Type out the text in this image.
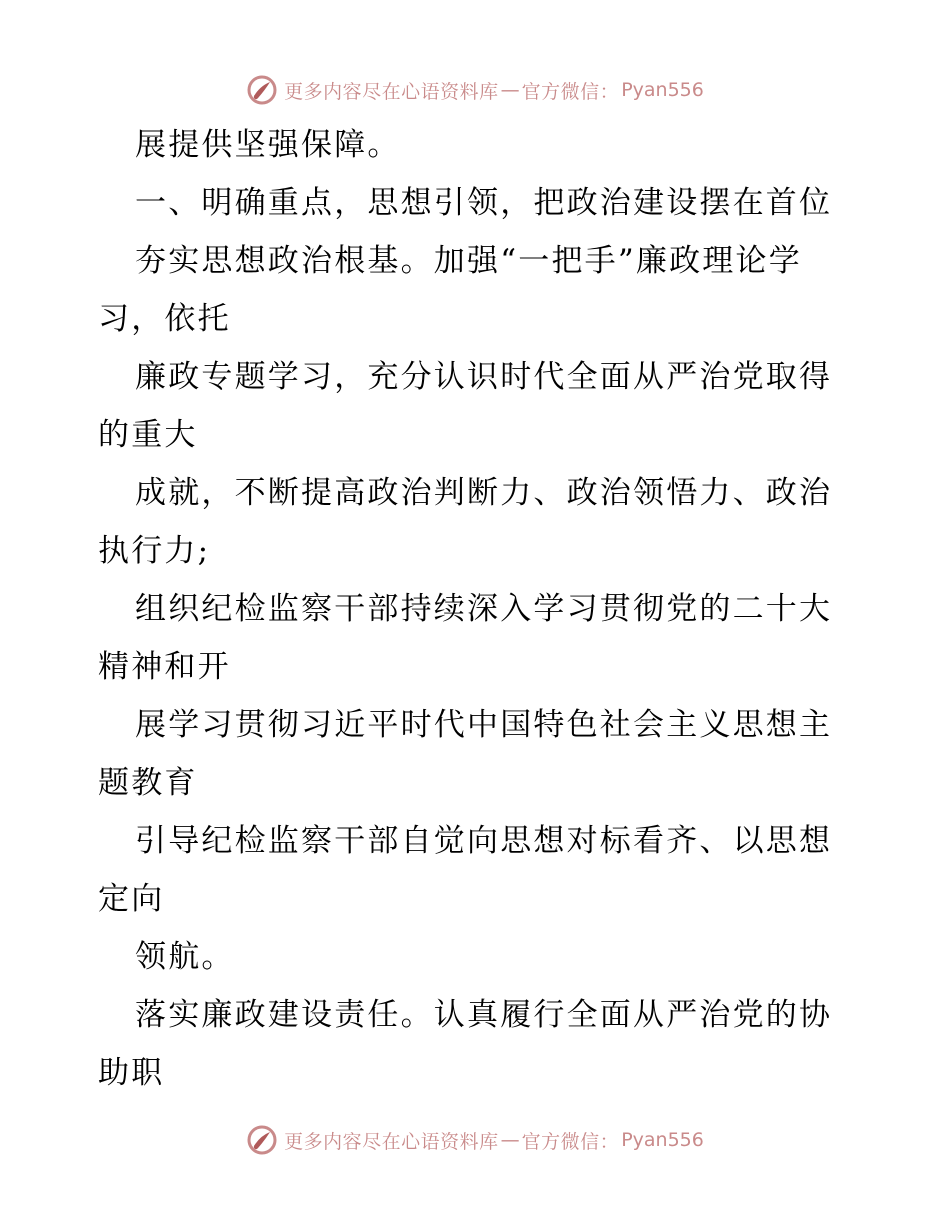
更多内容尽在心语资料库 — 官方微信： Pyan556
展提供坚强保障。
一、明确重点，思想引领，把政治建设摆在首位
夯实思想政治根基。加强“一把手”廉政理论学
习，依托
廉政专题学习，充分认识时代全面从严治党取得
的重大
成就，不断提高政治判断力、政治领悟力、政治
执行力;
组织纪检监察干部持续深入学习贯彻党的二十大
精神和开
展学习贯彻习近平时代中国特色社会主义思想主
题教育
引导纪检监察干部自觉向思想对标看齐、以思想
定向
领航。
落实廉政建设责任。认真履行全面从严治党的协
助职
更多内容尽在心语资料库 — 官方微信： Pyan556
